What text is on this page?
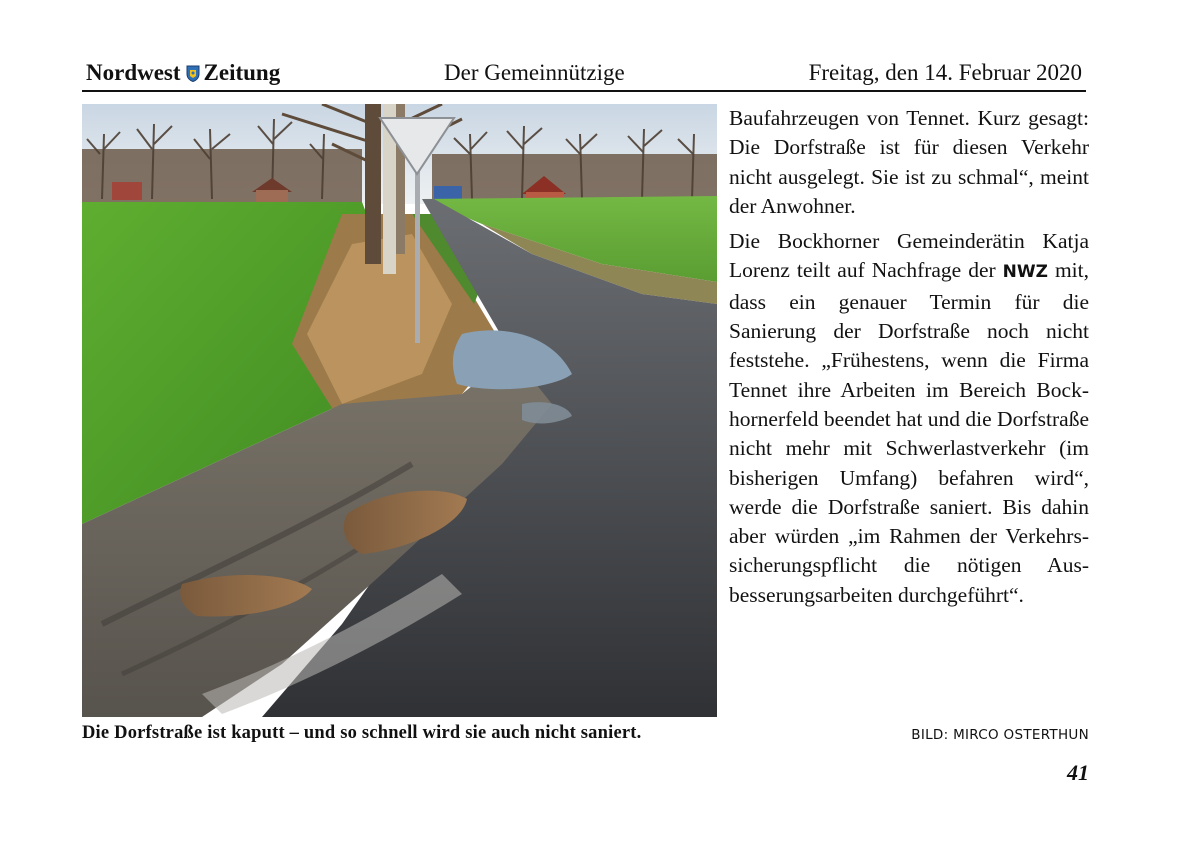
Nordwest Zeitung	Der Gemeinnützige	Freitag, den 14. Februar 2020

Baufahrzeugen von Tennet. Kurz gesagt: Die Dorfstraße ist für diesen Verkehr nicht ausgelegt. Sie ist zu schmal“, meint der Anwohner.

Die Bockhorner Gemeinderätin Katja Lorenz teilt auf Nachfrage der NWZ mit, dass ein genauer Termin für die Sanierung der Dorfstraße noch nicht feststehe. „Frühestens, wenn die Firma Tennet ihre Arbeiten im Bereich Bockhornerfeld beendet hat und die Dorfstraße nicht mehr mit Schwerlastverkehr (im bisherigen Umfang) befahren wird“, werde die Dorfstraße saniert. Bis dahin aber würden „im Rahmen der Verkehrssicherungspflicht die nötigen Ausbesserungsarbeiten durchgeführt“.

Die Dorfstraße ist kaputt – und so schnell wird sie auch nicht saniert.	BILD: MIRCO OSTERTHUN
41
